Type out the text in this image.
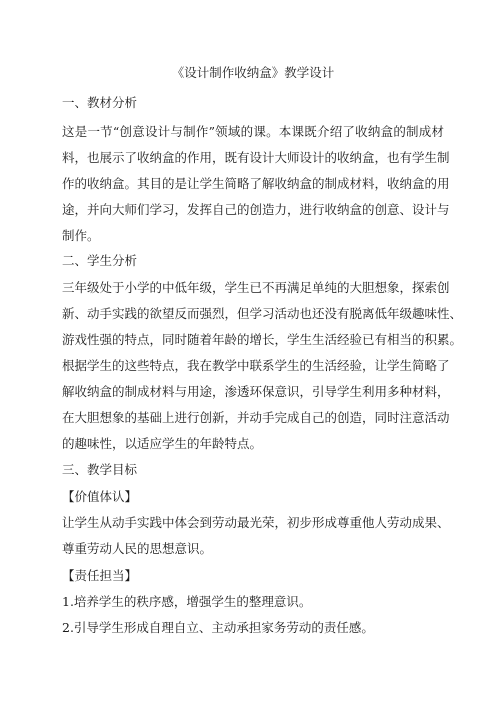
《设计制作收纳盒》教学设计
一、教材分析
这是一节“创意设计与制作”领域的课。本课既介绍了收纳盒的制成材
料，也展示了收纳盒的作用，既有设计大师设计的收纳盒，也有学生制
作的收纳盒。其目的是让学生简略了解收纳盒的制成材料，收纳盒的用
途，并向大师们学习，发挥自己的创造力，进行收纳盒的创意、设计与
制作。
二、学生分析
三年级处于小学的中低年级，学生已不再满足单纯的大胆想象，探索创
新、动手实践的欲望反而强烈，但学习活动也还没有脱离低年级趣味性、
游戏性强的特点，同时随着年龄的增长，学生生活经验已有相当的积累。
根据学生的这些特点，我在教学中联系学生的生活经验，让学生简略了
解收纳盒的制成材料与用途，渗透环保意识，引导学生利用多种材料，
在大胆想象的基础上进行创新，并动手完成自己的创造，同时注意活动
的趣味性，以适应学生的年龄特点。
三、教学目标
【价值体认】
让学生从动手实践中体会到劳动最光荣，初步形成尊重他人劳动成果、
尊重劳动人民的思想意识。
【责任担当】
1.培养学生的秩序感，增强学生的整理意识。
2.引导学生形成自理自立、主动承担家务劳动的责任感。
